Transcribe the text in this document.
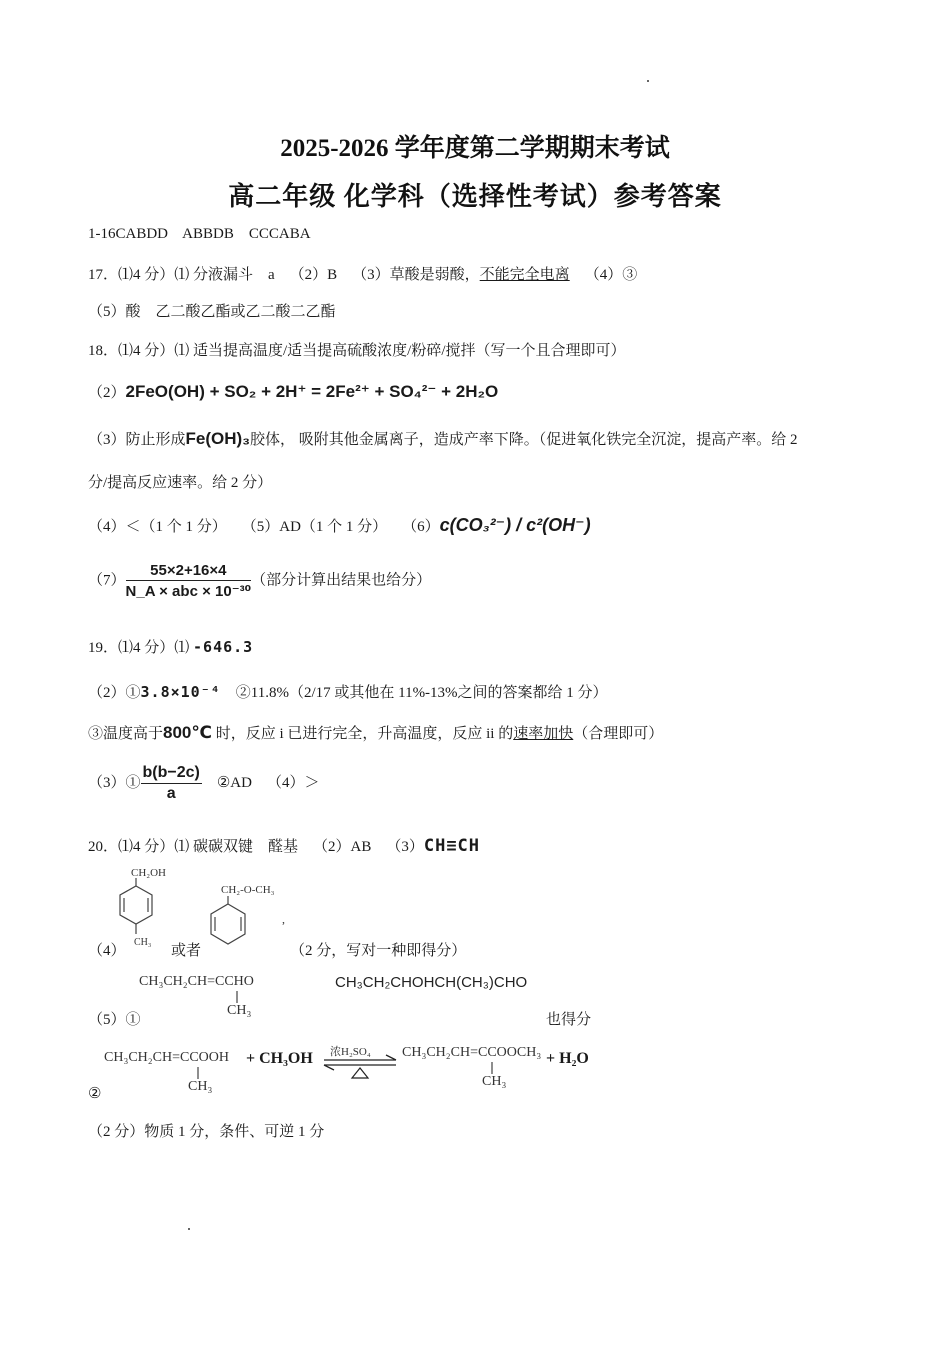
2025-2026 学年度第二学期期末考试
高二年级 化学科（选择性考试）参考答案
1-16CABDD    ABBDB    CCCABA
17．⑴4 分）⑴ 分液漏斗    a    （2）B    （3）草酸是弱酸，不能完全电离    （4）③
（5）酸    乙二酸乙酯或乙二酸二乙酯
18．⑴4 分）⑴ 适当提高温度/适当提高硫酸浓度/粉碎/搅拌（写一个且合理即可）
（2）2FeO(OH) + SO₂ + 2H⁺ = 2Fe²⁺ + SO₄²⁻ + 2H₂O
（3）防止形成Fe(OH)₃胶体， 吸附其他金属离子，造成产率下降。（促进氧化铁完全沉淀，提高产率。给 2
分/提高反应速率。给 2 分）
（4）＜（1 个 1 分）    （5）AD（1 个 1 分）    （6）c(CO₃²⁻) / c²(OH⁻)
$(7) \frac{55\times 2+16\times 4}{\text{N\_A × abc × 10⁻³⁰}}$ （部分计算出结果也给分）
19．⑴4 分）⑴ -646.3
（2）①3.8×10⁻⁴    ②11.8%（2/17 或其他在 11%-13%之间的答案都给 1 分）
③温度高于800℃ 时，反应 i 已进行完全，升高温度，反应 ii 的速率加快（合理即可）
（3）① $\frac{b(b-2c)}{a}$ ②AD    （4）＞
20．⑴4 分）⑴ 碳碳双键    醛基    （2）AB    （3）CH≡CH
CH₂OH
CH₃
（4）	或者
CH₂-O-CH₃
,
（2 分，写对一种即得分）
CH₃CH₂CH=CCHO
CH₃
CH₃CH₂CHOHCH(CH₃)CHO
（5）①	也得分
CH₃CH₂CH=CCOOH
CH₃
+ CH₃OH 浓H₂SO₄ CH₃CH₂CH=CCOOCH₃
CH₃
+ H₂O
②
（2 分）物质 1 分，条件、可逆 1 分
